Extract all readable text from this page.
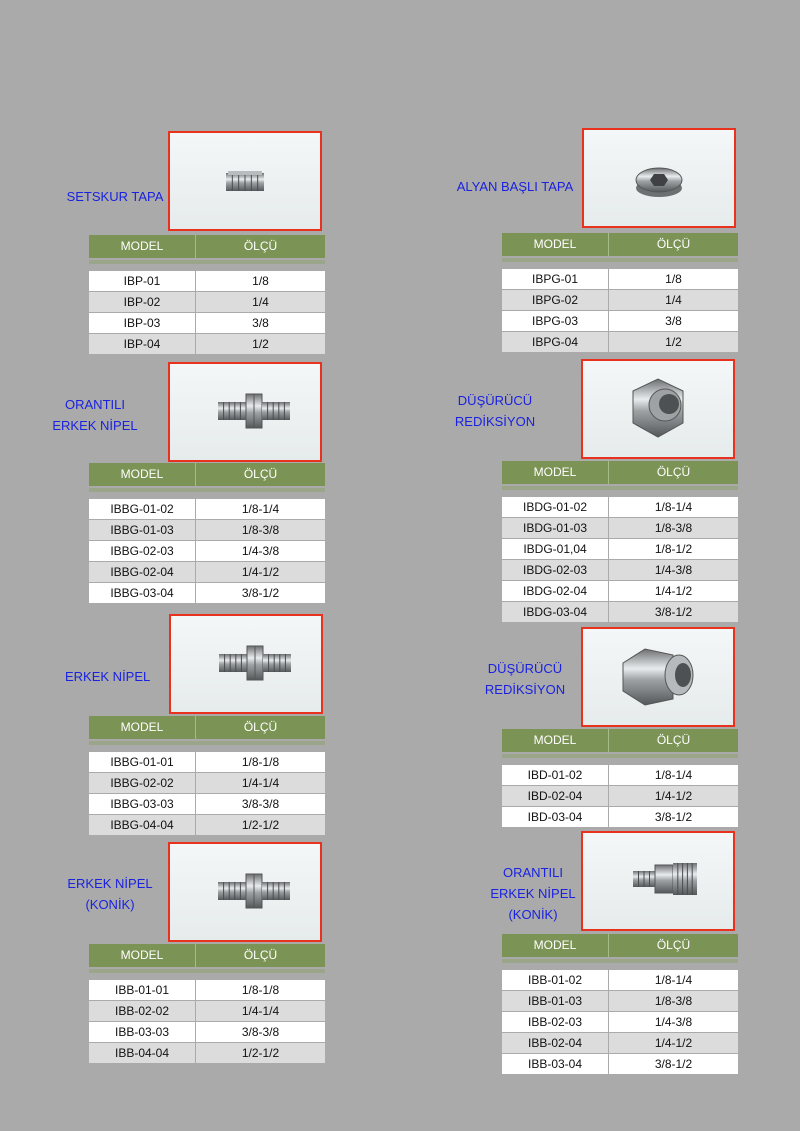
SETSKUR TAPA
MODEL	ÖLÇÜ
IBP-01	1/8
IBP-02	1/4
IBP-03	3/8
IBP-04	1/2
ALYAN BAŞLI TAPA
MODEL	ÖLÇÜ
IBPG-01	1/8
IBPG-02	1/4
IBPG-03	3/8
IBPG-04	1/2
ORANTILI
ERKEK NİPEL
MODEL	ÖLÇÜ
IBBG-01-02	1/8-1/4
IBBG-01-03	1/8-3/8
IBBG-02-03	1/4-3/8
IBBG-02-04	1/4-1/2
IBBG-03-04	3/8-1/2
DÜŞÜRÜCÜ
REDİKSİYON
MODEL	ÖLÇÜ
IBDG-01-02	1/8-1/4
IBDG-01-03	1/8-3/8
IBDG-01,04	1/8-1/2
IBDG-02-03	1/4-3/8
IBDG-02-04	1/4-1/2
IBDG-03-04	3/8-1/2
ERKEK NİPEL
MODEL	ÖLÇÜ
IBBG-01-01	1/8-1/8
IBBG-02-02	1/4-1/4
IBBG-03-03	3/8-3/8
IBBG-04-04	1/2-1/2
DÜŞÜRÜCÜ
REDİKSİYON
MODEL	ÖLÇÜ
IBD-01-02	1/8-1/4
IBD-02-04	1/4-1/2
IBD-03-04	3/8-1/2
ERKEK NİPEL
(KONİK)
MODEL	ÖLÇÜ
IBB-01-01	1/8-1/8
IBB-02-02	1/4-1/4
IBB-03-03	3/8-3/8
IBB-04-04	1/2-1/2
ORANTILI
ERKEK NİPEL
(KONİK)
MODEL	ÖLÇÜ
IBB-01-02	1/8-1/4
IBB-01-03	1/8-3/8
IBB-02-03	1/4-3/8
IBB-02-04	1/4-1/2
IBB-03-04	3/8-1/2
